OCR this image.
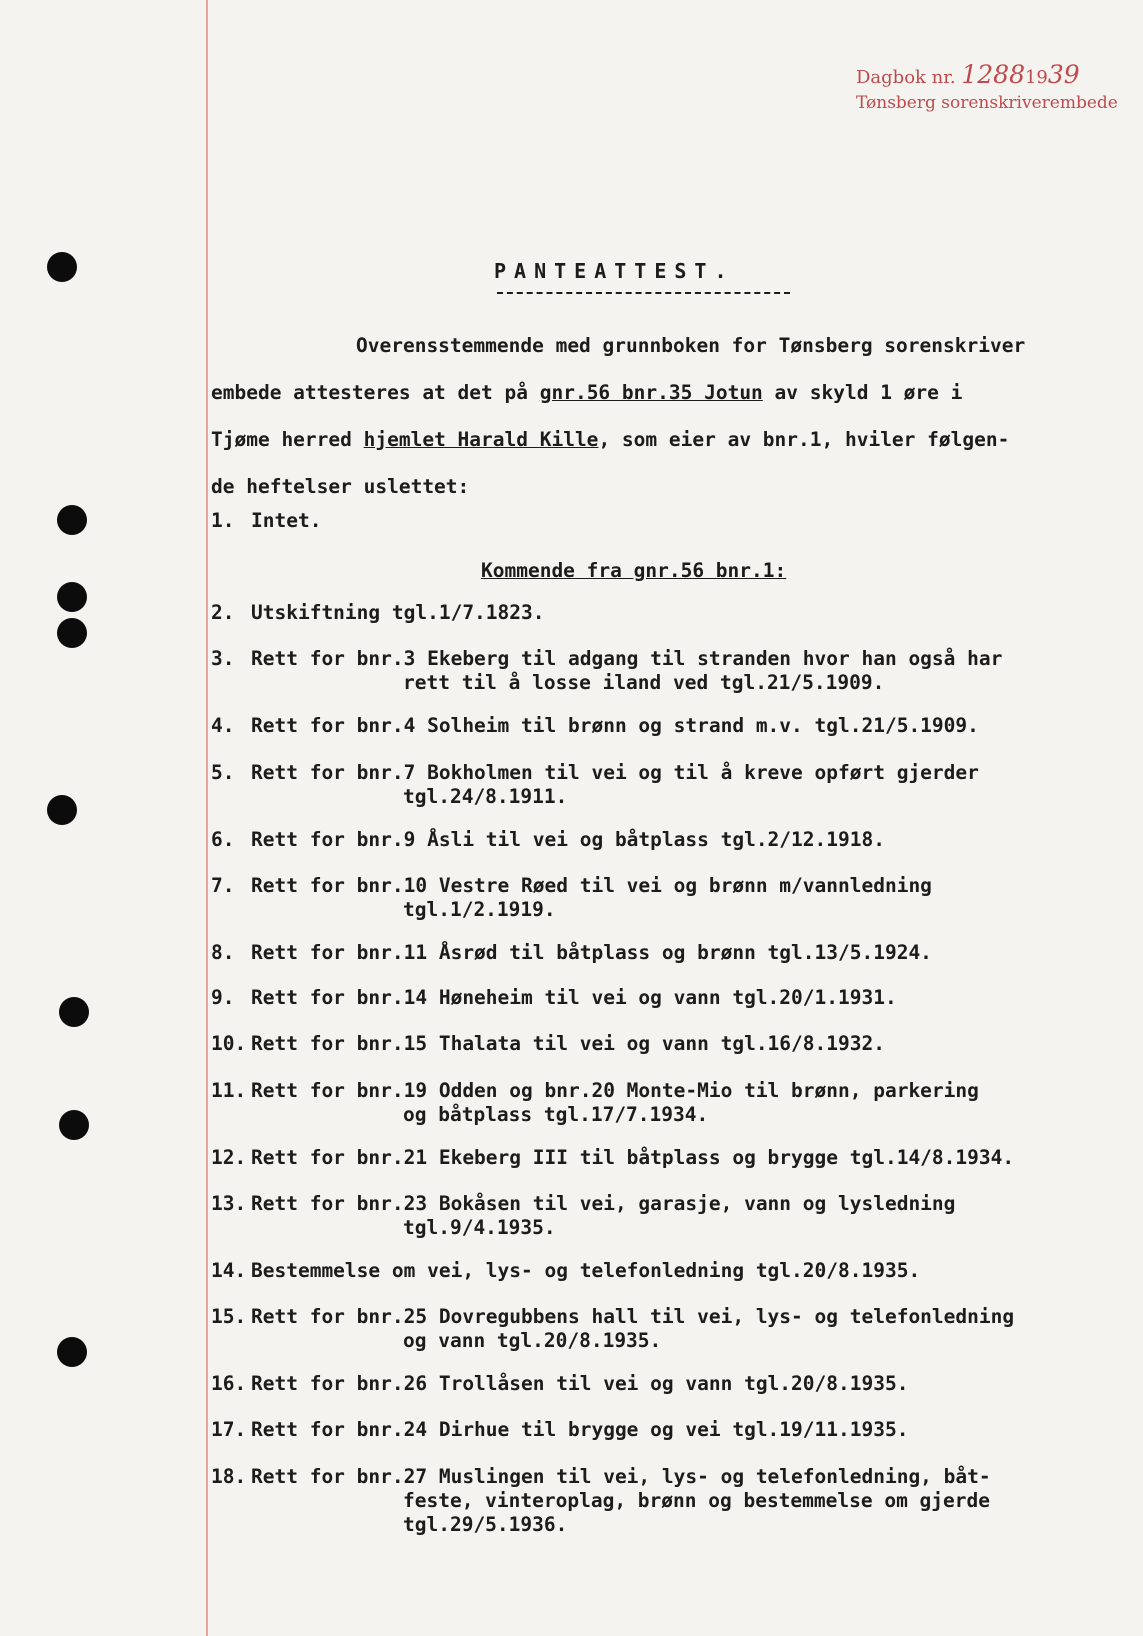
Dagbok nr. 12881939
Tønsberg sorenskriverembede
PANTEATTEST.
Overensstemmende med grunnboken for Tønsberg sorenskriver
embede attesteres at det på gnr.56 bnr.35 Jotun av skyld 1 øre i
Tjøme herred hjemlet Harald Kille, som eier av bnr.1, hviler følgen-
de heftelser uslettet:
1. Intet.
Kommende fra gnr.56 bnr.1:
2. Utskiftning tgl.1/7.1823.
3. Rett for bnr.3 Ekeberg til adgang til stranden hvor han også har
rett til å losse iland ved tgl.21/5.1909.
4. Rett for bnr.4 Solheim til brønn og strand m.v. tgl.21/5.1909.
5. Rett for bnr.7 Bokholmen til vei og til å kreve opført gjerder
tgl.24/8.1911.
6. Rett for bnr.9 Åsli til vei og båtplass tgl.2/12.1918.
7. Rett for bnr.10 Vestre Røed til vei og brønn m/vannledning
tgl.1/2.1919.
8. Rett for bnr.11 Åsrød til båtplass og brønn tgl.13/5.1924.
9. Rett for bnr.14 Høneheim til vei og vann tgl.20/1.1931.
10. Rett for bnr.15 Thalata til vei og vann tgl.16/8.1932.
11. Rett for bnr.19 Odden og bnr.20 Monte-Mio til brønn, parkering
og båtplass tgl.17/7.1934.
12. Rett for bnr.21 Ekeberg III til båtplass og brygge tgl.14/8.1934.
13. Rett for bnr.23 Bokåsen til vei, garasje, vann og lysledning
tgl.9/4.1935.
14. Bestemmelse om vei, lys- og telefonledning tgl.20/8.1935.
15. Rett for bnr.25 Dovregubbens hall til vei, lys- og telefonledning
og vann tgl.20/8.1935.
16. Rett for bnr.26 Trollåsen til vei og vann tgl.20/8.1935.
17. Rett for bnr.24 Dirhue til brygge og vei tgl.19/11.1935.
18. Rett for bnr.27 Muslingen til vei, lys- og telefonledning, båt-
feste, vinteroplag, brønn og bestemmelse om gjerde
tgl.29/5.1936.
